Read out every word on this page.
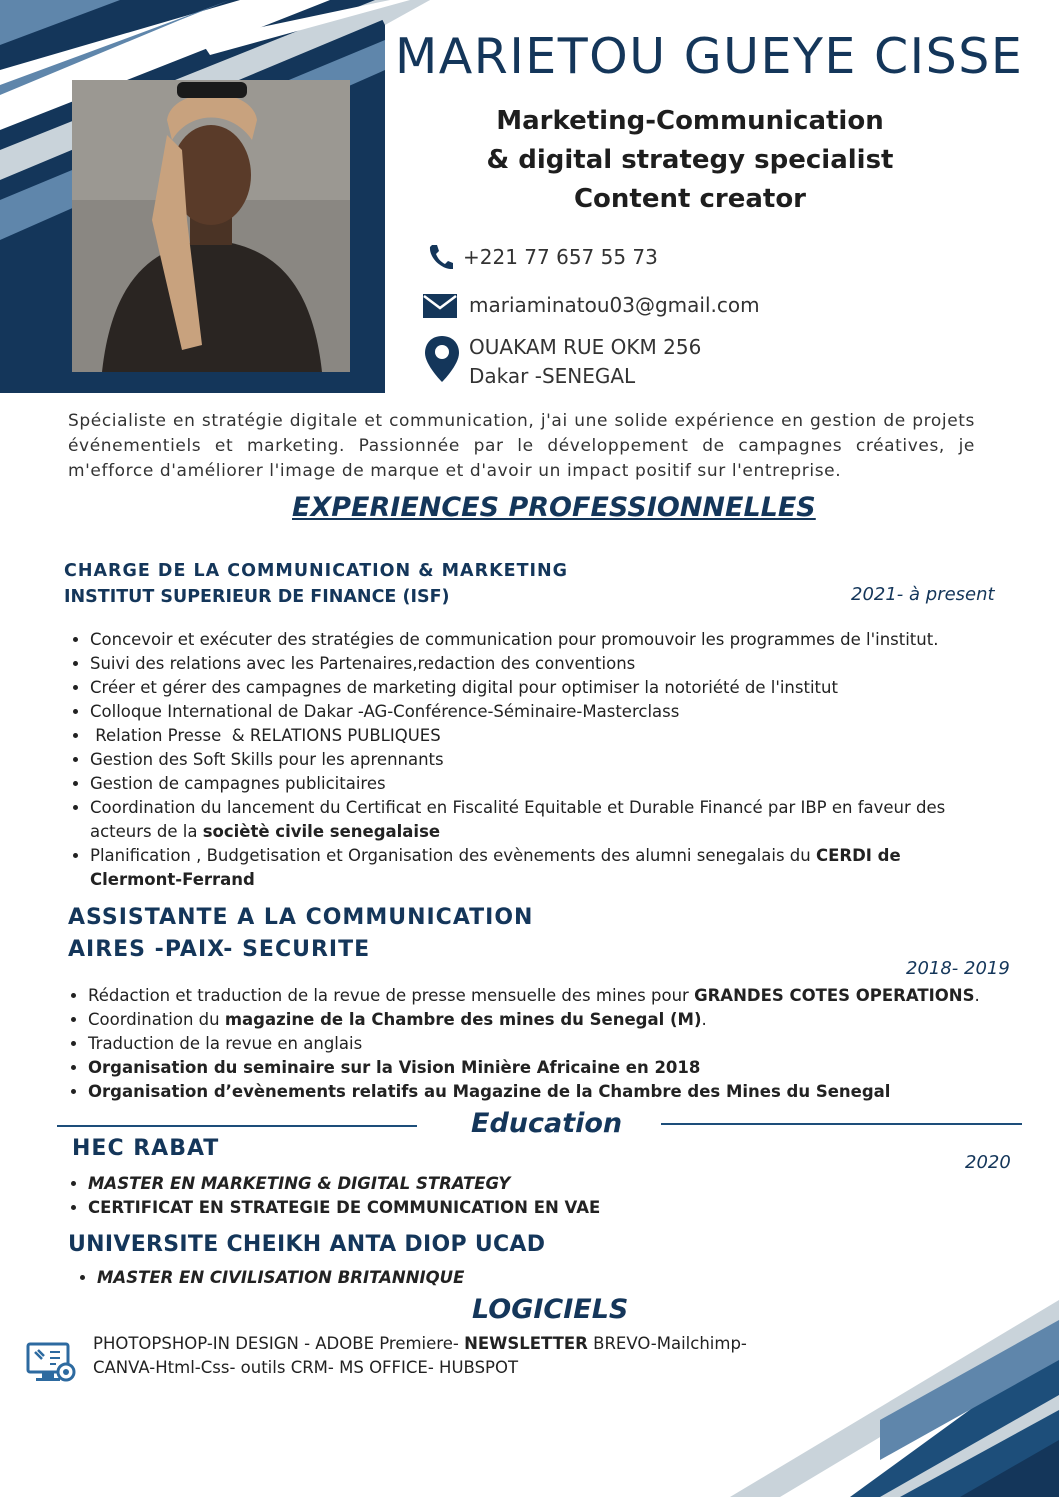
MARIETOU GUEYE CISSE
Marketing-Communication
& digital strategy specialist
Content creator
+221 77 657 55 73
mariaminatou03@gmail.com
OUAKAM RUE OKM 256
Dakar -SENEGAL
Spécialiste en stratégie digitale et communication, j'ai une solide expérience en gestion de projets événementiels et marketing. Passionnée par le développement de campagnes créatives, je m'efforce d'améliorer l'image de marque et d'avoir un impact positif sur l'entreprise.
EXPERIENCES PROFESSIONNELLES
CHARGE DE LA COMMUNICATION & MARKETING
INSTITUT SUPERIEUR DE FINANCE (ISF)	2021- à present
• Concevoir et exécuter des stratégies de communication pour promouvoir les programmes de l'institut.
• Suivi des relations avec les Partenaires,redaction des conventions
• Créer et gérer des campagnes de marketing digital pour optimiser la notoriété de l'institut
• Colloque International de Dakar -AG-Conférence-Séminaire-Masterclass
•  Relation Presse  & RELATIONS PUBLIQUES
• Gestion des Soft Skills pour les aprennants
• Gestion de campagnes publicitaires
• Coordination du lancement du Certificat en Fiscalité Equitable et Durable Financé par IBP en faveur des acteurs de la sociètè civile senegalaise
• Planification , Budgetisation et Organisation des evènements des alumni senegalais du CERDI de Clermont-Ferrand
ASSISTANTE A LA COMMUNICATION
AIRES -PAIX- SECURITE
2018- 2019
• Rédaction et traduction de la revue de presse mensuelle des mines pour GRANDES COTES OPERATIONS.
• Coordination du magazine de la Chambre des mines du Senegal (M).
• Traduction de la revue en anglais
• Organisation du seminaire sur la Vision Minière Africaine en 2018
• Organisation d’evènements relatifs au Magazine de la Chambre des Mines du Senegal
Education
HEC RABAT
2020
• MASTER EN MARKETING & DIGITAL STRATEGY
• CERTIFICAT EN STRATEGIE DE COMMUNICATION EN VAE
UNIVERSITE CHEIKH ANTA DIOP UCAD
• MASTER EN CIVILISATION BRITANNIQUE
LOGICIELS
PHOTOPSHOP-IN DESIGN - ADOBE Premiere- NEWSLETTER BREVO-Mailchimp-CANVA-Html-Css- outils CRM- MS OFFICE- HUBSPOT
